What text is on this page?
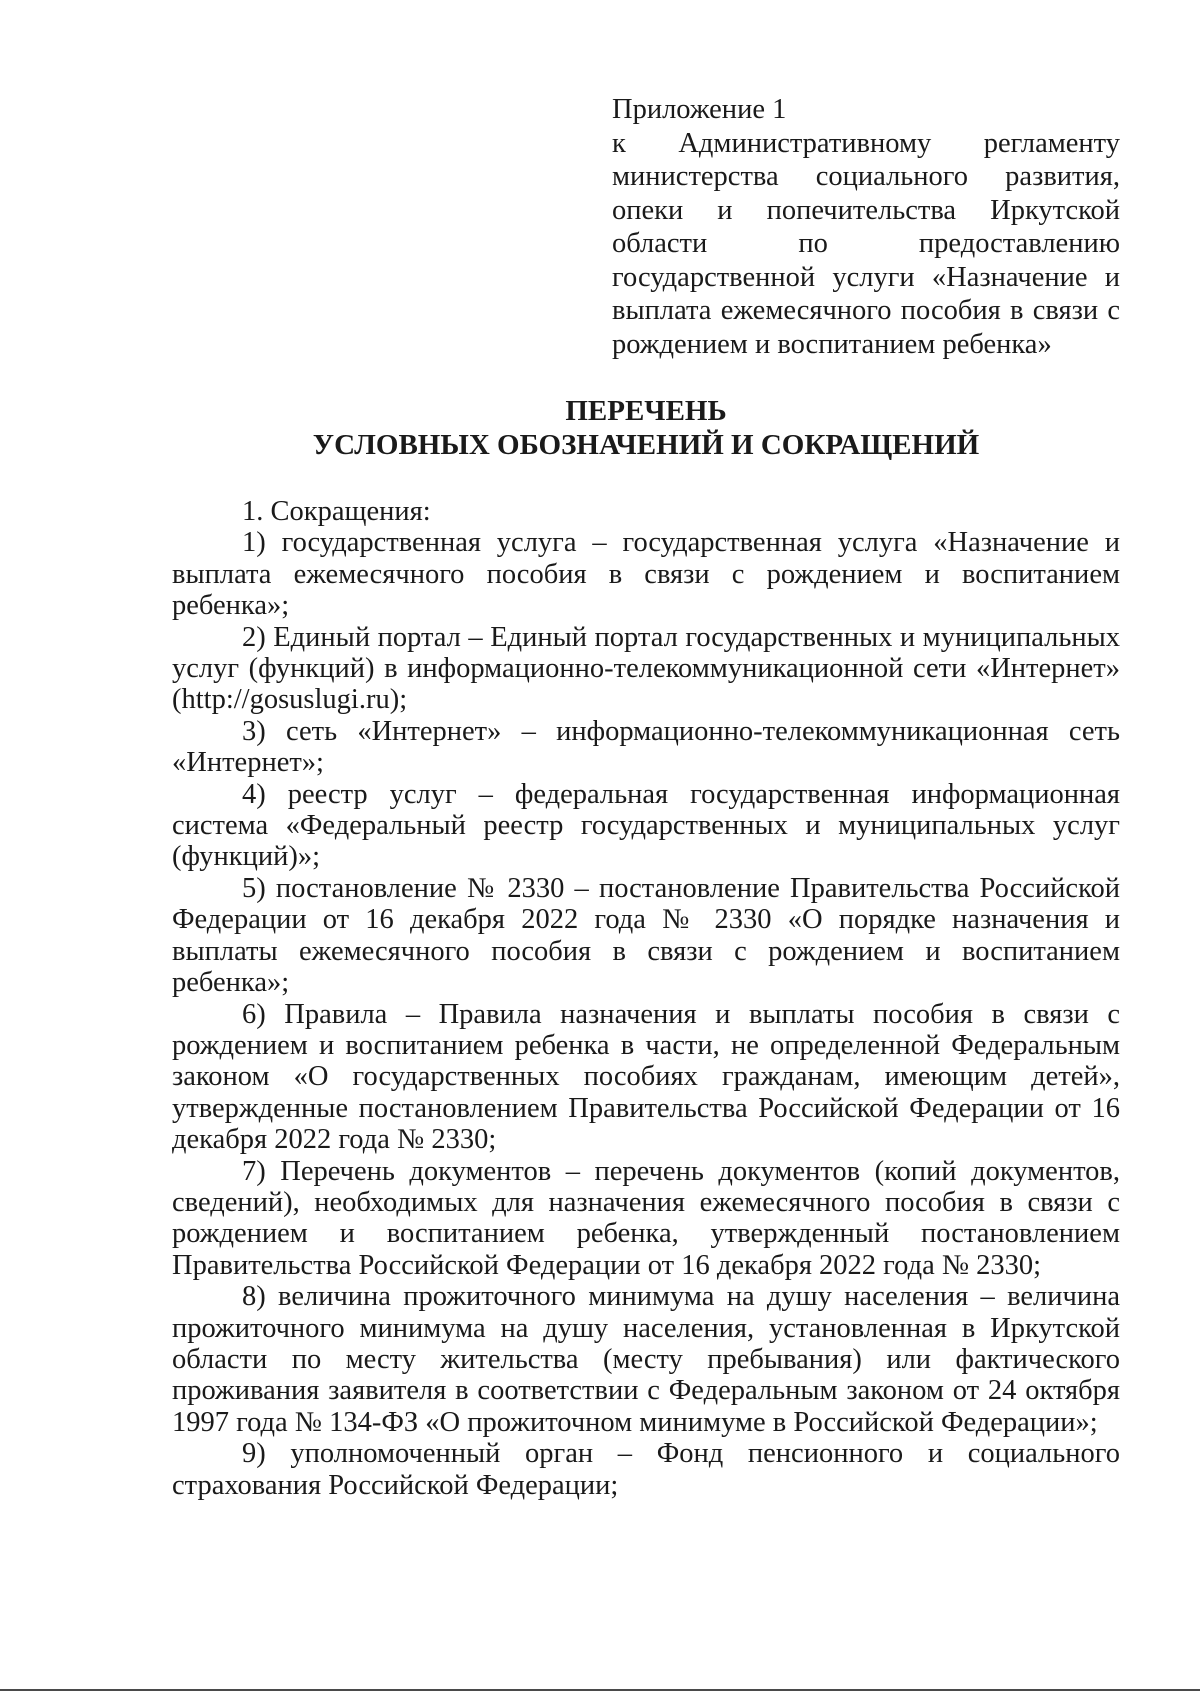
Приложение 1
к Административному регламенту министерства социального развития, опеки и попечительства Иркутской области по предоставлению государственной услуги «Назначение и выплата ежемесячного пособия в связи с рождением и воспитанием ребенка»
ПЕРЕЧЕНЬ
УСЛОВНЫХ ОБОЗНАЧЕНИЙ И СОКРАЩЕНИЙ

1. Сокращения:

1) государственная услуга – государственная услуга «Назначение и выплата ежемесячного пособия в связи с рождением и воспитанием ребенка»;

2) Единый портал – Единый портал государственных и муниципальных услуг (функций) в информационно-телекоммуникационной сети «Интернет» (http://gosuslugi.ru);

3) сеть «Интернет» – информационно-телекоммуникационная сеть «Интернет»;

4) реестр услуг – федеральная государственная информационная система «Федеральный реестр государственных и муниципальных услуг (функций)»;

5) постановление № 2330 – постановление Правительства Российской Федерации от 16 декабря 2022 года № 2330 «О порядке назначения и выплаты ежемесячного пособия в связи с рождением и воспитанием ребенка»;

6) Правила – Правила назначения и выплаты пособия в связи с рождением и воспитанием ребенка в части, не определенной Федеральным законом «О государственных пособиях гражданам, имеющим детей», утвержденные постановлением Правительства Российской Федерации от 16 декабря 2022 года № 2330;

7) Перечень документов – перечень документов (копий документов, сведений), необходимых для назначения ежемесячного пособия в связи с рождением и воспитанием ребенка, утвержденный постановлением Правительства Российской Федерации от 16 декабря 2022 года № 2330;

8) величина прожиточного минимума на душу населения – величина прожиточного минимума на душу населения, установленная в Иркутской области по месту жительства (месту пребывания) или фактического проживания заявителя в соответствии с Федеральным законом от 24 октября 1997 года № 134-ФЗ «О прожиточном минимуме в Российской Федерации»;

9) уполномоченный орган – Фонд пенсионного и социального страхования Российской Федерации;
